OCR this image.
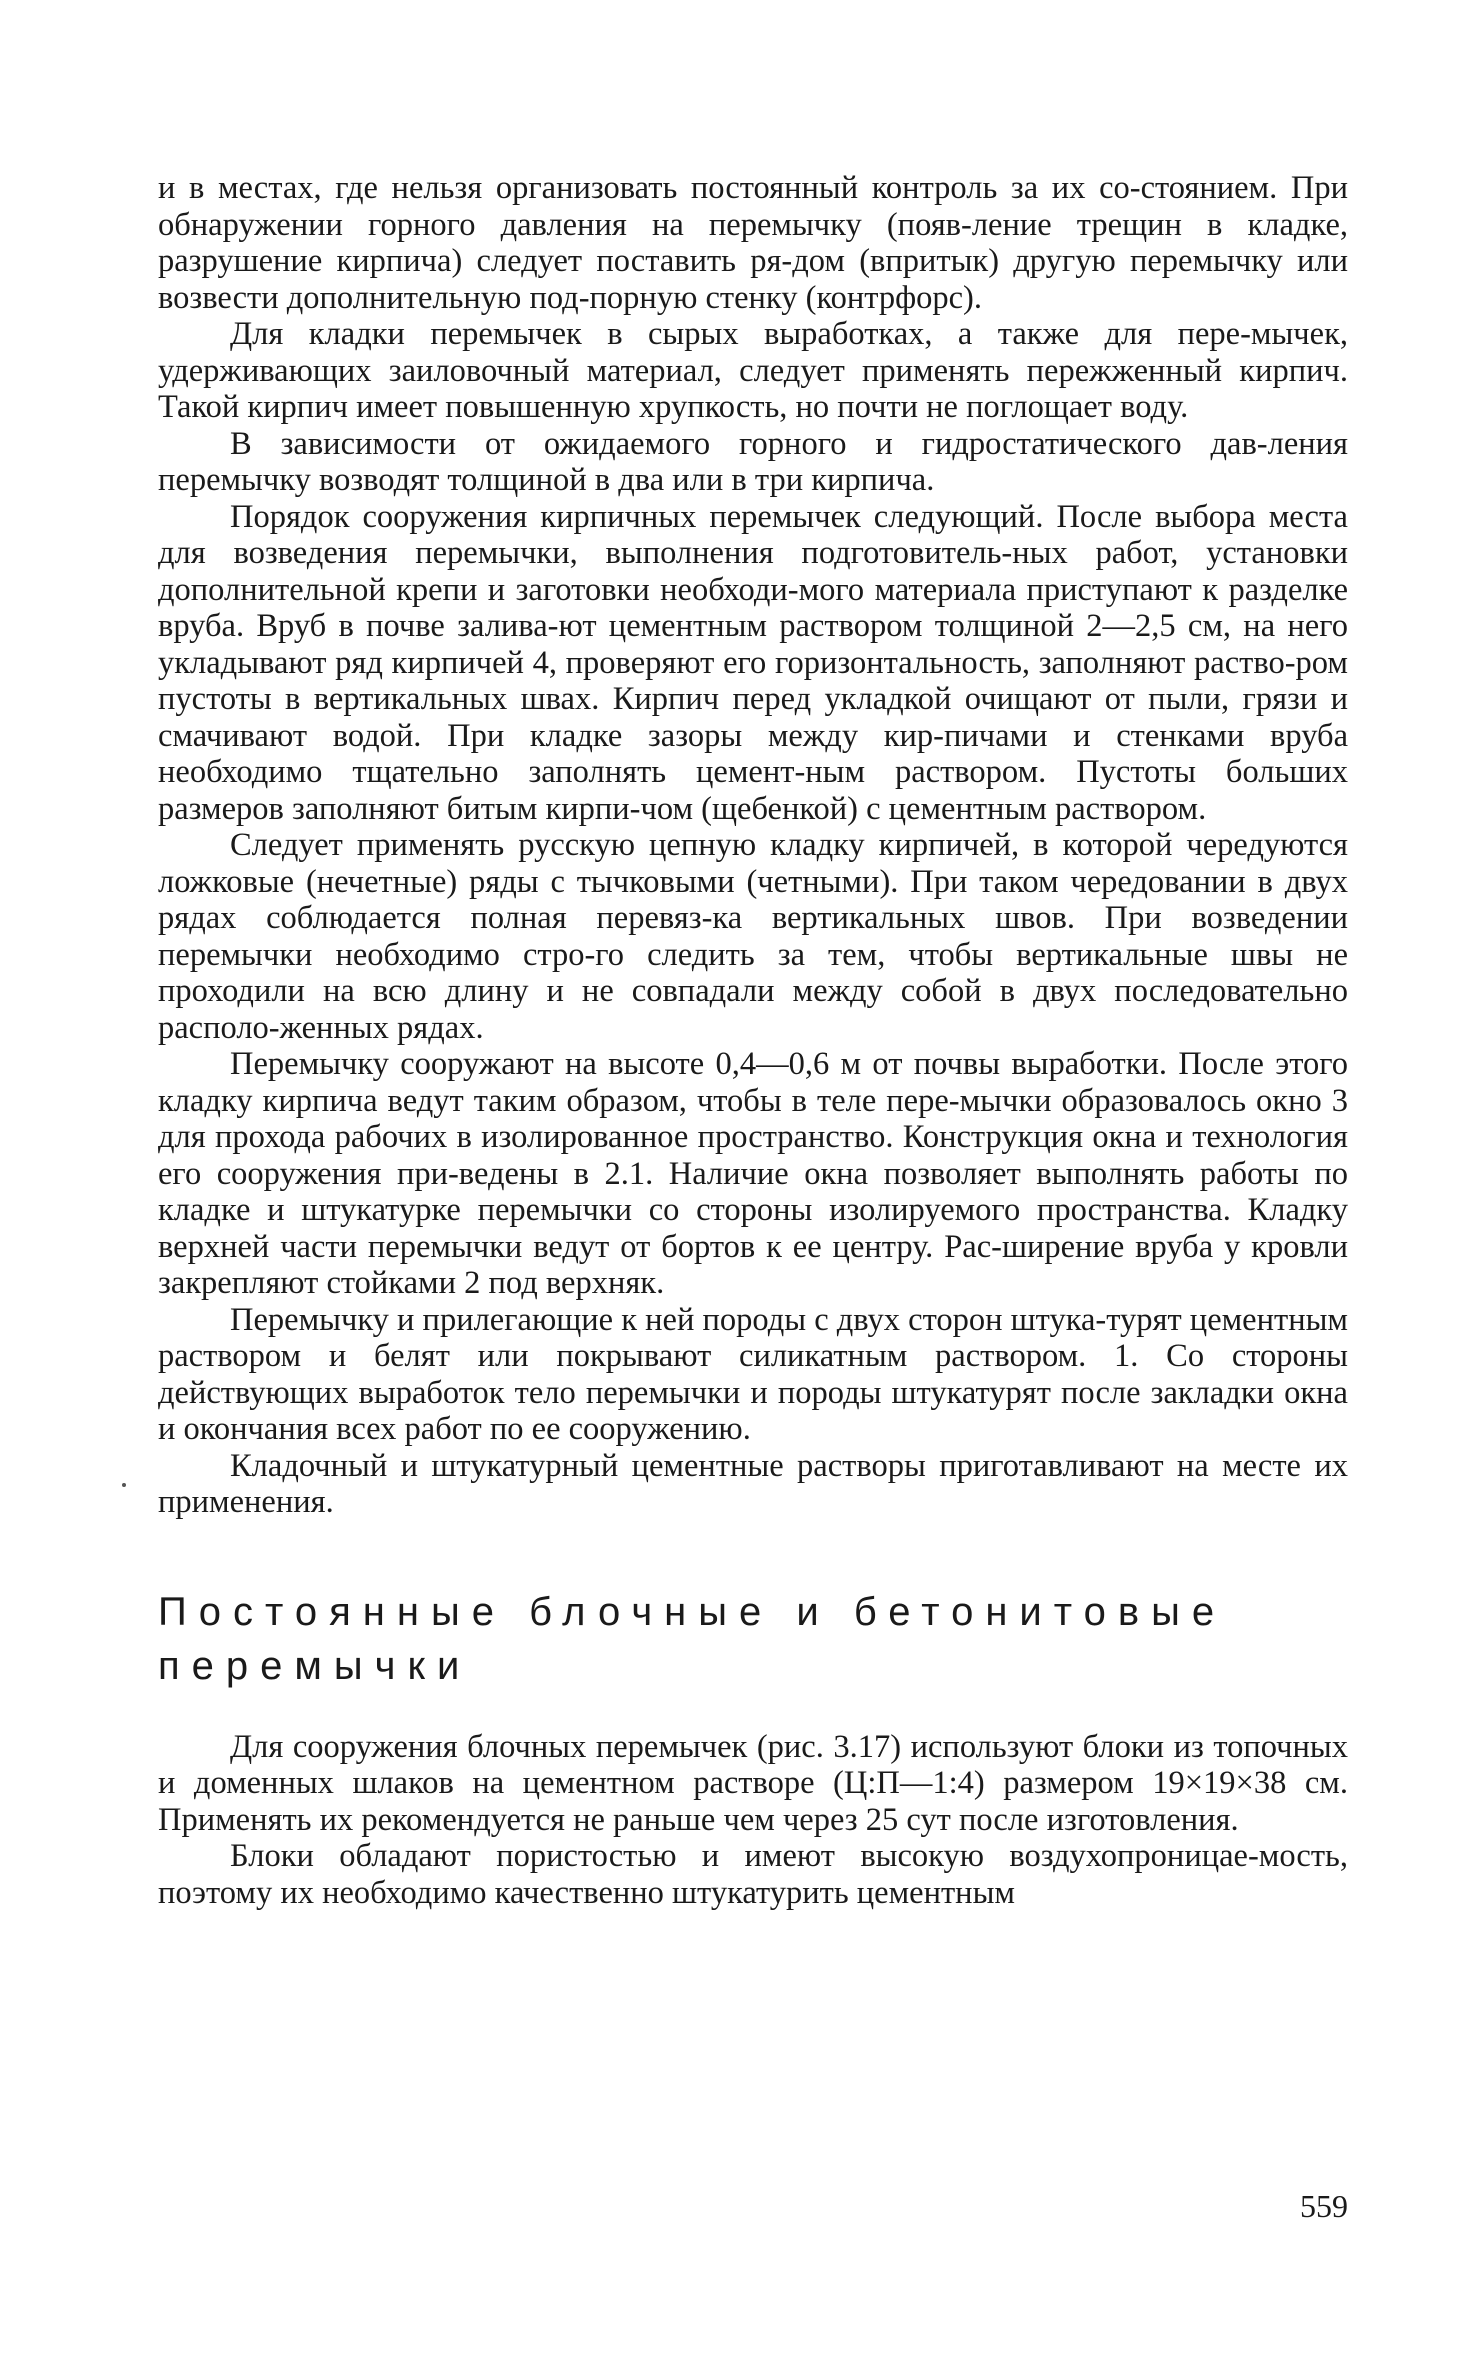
и в местах, где нельзя организовать постоянный контроль за их со-стоянием. При обнаружении горного давления на перемычку (появ-ление трещин в кладке, разрушение кирпича) следует поставить ря-дом (впритык) другую перемычку или возвести дополнительную под-порную стенку (контрфорс).

Для кладки перемычек в сырых выработках, а также для пере-мычек, удерживающих заиловочный материал, следует применять пережженный кирпич. Такой кирпич имеет повышенную хрупкость, но почти не поглощает воду.

В зависимости от ожидаемого горного и гидростатического дав-ления перемычку возводят толщиной в два или в три кирпича.

Порядок сооружения кирпичных перемычек следующий. После выбора места для возведения перемычки, выполнения подготовитель-ных работ, установки дополнительной крепи и заготовки необходи-мого материала приступают к разделке вруба. Вруб в почве залива-ют цементным раствором толщиной 2—2,5 см, на него укладывают ряд кирпичей 4, проверяют его горизонтальность, заполняют раство-ром пустоты в вертикальных швах. Кирпич перед укладкой очищают от пыли, грязи и смачивают водой. При кладке зазоры между кир-пичами и стенками вруба необходимо тщательно заполнять цемент-ным раствором. Пустоты больших размеров заполняют битым кирпи-чом (щебенкой) с цементным раствором.

Следует применять русскую цепную кладку кирпичей, в которой чередуются ложковые (нечетные) ряды с тычковыми (четными). При таком чередовании в двух рядах соблюдается полная перевяз-ка вертикальных швов. При возведении перемычки необходимо стро-го следить за тем, чтобы вертикальные швы не проходили на всю длину и не совпадали между собой в двух последовательно располо-женных рядах.

Перемычку сооружают на высоте 0,4—0,6 м от почвы выработки. После этого кладку кирпича ведут таким образом, чтобы в теле пере-мычки образовалось окно 3 для прохода рабочих в изолированное пространство. Конструкция окна и технология его сооружения при-ведены в 2.1. Наличие окна позволяет выполнять работы по кладке и штукатурке перемычки со стороны изолируемого пространства. Кладку верхней части перемычки ведут от бортов к ее центру. Рас-ширение вруба у кровли закрепляют стойками 2 под верхняк.

Перемычку и прилегающие к ней породы с двух сторон штука-турят цементным раствором и белят или покрывают силикатным раствором. 1. Со стороны действующих выработок тело перемычки и породы штукатурят после закладки окна и окончания всех работ по ее сооружению.

Кладочный и штукатурный цементные растворы приготавливают на месте их применения.

Постоянные блочные и бетонитовые перемычки

Для сооружения блочных перемычек (рис. 3.17) используют блоки из топочных и доменных шлаков на цементном растворе (Ц:П—1:4) размером 19×19×38 см. Применять их рекомендуется не раньше чем через 25 сут после изготовления.

Блоки обладают пористостью и имеют высокую воздухопроницае-мость, поэтому их необходимо качественно штукатурить цементным

559
